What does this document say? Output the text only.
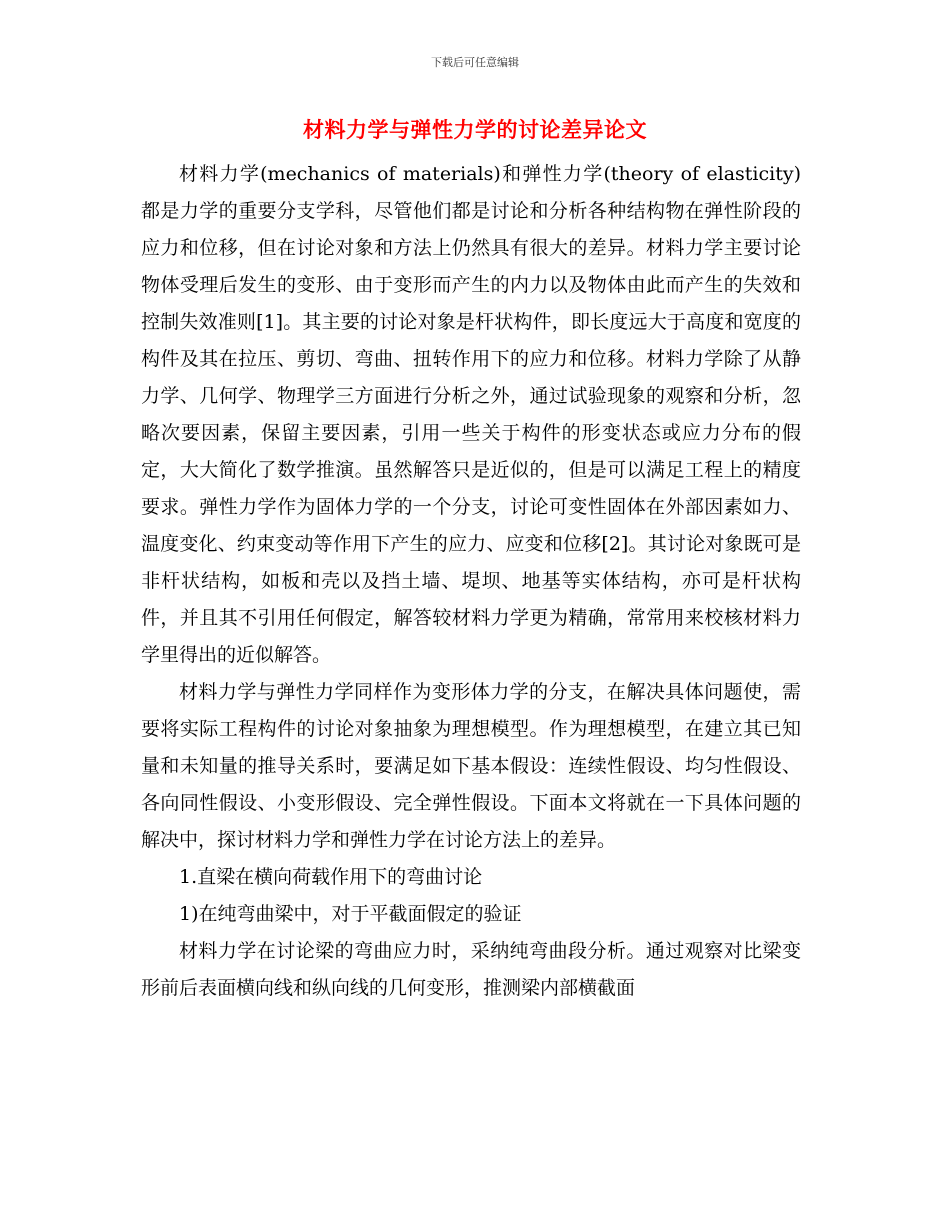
下载后可任意编辑
材料力学与弹性力学的讨论差异论文

材料力学(mechanics of materials)和弹性力学(theory of elasticity)都是力学的重要分支学科，尽管他们都是讨论和分析各种结构物在弹性阶段的应力和位移，但在讨论对象和方法上仍然具有很大的差异。材料力学主要讨论物体受理后发生的变形、由于变形而产生的内力以及物体由此而产生的失效和控制失效准则[1]。其主要的讨论对象是杆状构件，即长度远大于高度和宽度的构件及其在拉压、剪切、弯曲、扭转作用下的应力和位移。材料力学除了从静力学、几何学、物理学三方面进行分析之外，通过试验现象的观察和分析，忽略次要因素，保留主要因素，引用一些关于构件的形变状态或应力分布的假定，大大简化了数学推演。虽然解答只是近似的，但是可以满足工程上的精度要求。弹性力学作为固体力学的一个分支，讨论可变性固体在外部因素如力、温度变化、约束变动等作用下产生的应力、应变和位移[2]。其讨论对象既可是非杆状结构，如板和壳以及挡土墙、堤坝、地基等实体结构，亦可是杆状构件，并且其不引用任何假定，解答较材料力学更为精确，常常用来校核材料力学里得出的近似解答。

材料力学与弹性力学同样作为变形体力学的分支，在解决具体问题使，需要将实际工程构件的讨论对象抽象为理想模型。作为理想模型，在建立其已知量和未知量的推导关系时，要满足如下基本假设：连续性假设、均匀性假设、各向同性假设、小变形假设、完全弹性假设。下面本文将就在一下具体问题的解决中，探讨材料力学和弹性力学在讨论方法上的差异。

1.直梁在横向荷载作用下的弯曲讨论

1)在纯弯曲梁中，对于平截面假定的验证

材料力学在讨论梁的弯曲应力时，采纳纯弯曲段分析。通过观察对比梁变形前后表面横向线和纵向线的几何变形，推测梁内部横截面
